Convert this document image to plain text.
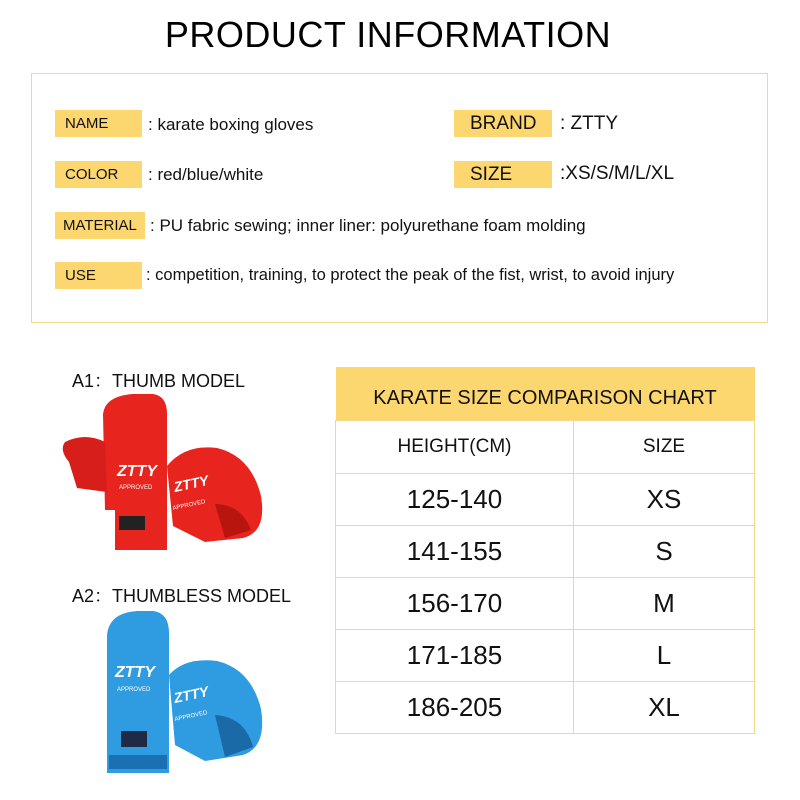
PRODUCT INFORMATION
NAME	: karate boxing gloves	BRAND	: ZTTY
COLOR	: red/blue/white	SIZE	:XS/S/M/L/XL
MATERIAL : PU fabric sewing; inner liner: polyurethane foam molding
USE	: competition, training, to protect the peak of the fist, wrist, to avoid injury
A1：THUMB MODEL
ZTTY
APPROVED ZTTY
APPROVED
A2：THUMBLESS MODEL
ZTTY
APPROVED ZTTY
APPROVED
KARATE SIZE COMPARISON CHART	
HEIGHT(CM)	SIZE
125-140	XS
141-155	S
156-170	M
171-185	L
186-205	XL
